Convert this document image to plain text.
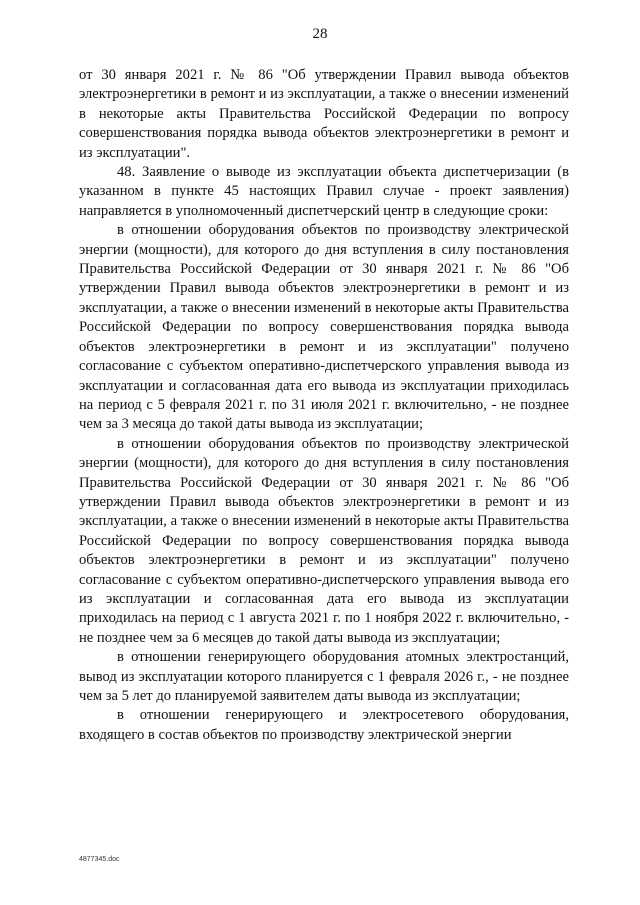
28

от 30 января 2021 г. № 86 "Об утверждении Правил вывода объектов электроэнергетики в ремонт и из эксплуатации, а также о внесении изменений в некоторые акты Правительства Российской Федерации по вопросу совершенствования порядка вывода объектов электроэнергетики в ремонт и из эксплуатации".

48. Заявление о выводе из эксплуатации объекта диспетчеризации (в указанном в пункте 45 настоящих Правил случае - проект заявления) направляется в уполномоченный диспетчерский центр в следующие сроки:

в отношении оборудования объектов по производству электрической энергии (мощности), для которого до дня вступления в силу постановления Правительства Российской Федерации от 30 января 2021 г. № 86 "Об утверждении Правил вывода объектов электроэнергетики в ремонт и из эксплуатации, а также о внесении изменений в некоторые акты Правительства Российской Федерации по вопросу совершенствования порядка вывода объектов электроэнергетики в ремонт и из эксплуатации" получено согласование с субъектом оперативно-диспетчерского управления вывода из эксплуатации и согласованная дата его вывода из эксплуатации приходилась на период с 5 февраля 2021 г. по 31 июля 2021 г. включительно, - не позднее чем за 3 месяца до такой даты вывода из эксплуатации;

в отношении оборудования объектов по производству электрической энергии (мощности), для которого до дня вступления в силу постановления Правительства Российской Федерации от 30 января 2021 г. № 86 "Об утверждении Правил вывода объектов электроэнергетики в ремонт и из эксплуатации, а также о внесении изменений в некоторые акты Правительства Российской Федерации по вопросу совершенствования порядка вывода объектов электроэнергетики в ремонт и из эксплуатации" получено согласование с субъектом оперативно-диспетчерского управления вывода его из эксплуатации и согласованная дата его вывода из эксплуатации приходилась на период с 1 августа 2021 г. по 1 ноября 2022 г. включительно, - не позднее чем за 6 месяцев до такой даты вывода из эксплуатации;

в отношении генерирующего оборудования атомных электростанций, вывод из эксплуатации которого планируется с 1 февраля 2026 г., - не позднее чем за 5 лет до планируемой заявителем даты вывода из эксплуатации;

в отношении генерирующего и электросетевого оборудования, входящего в состав объектов по производству электрической энергии

4877345.doc
